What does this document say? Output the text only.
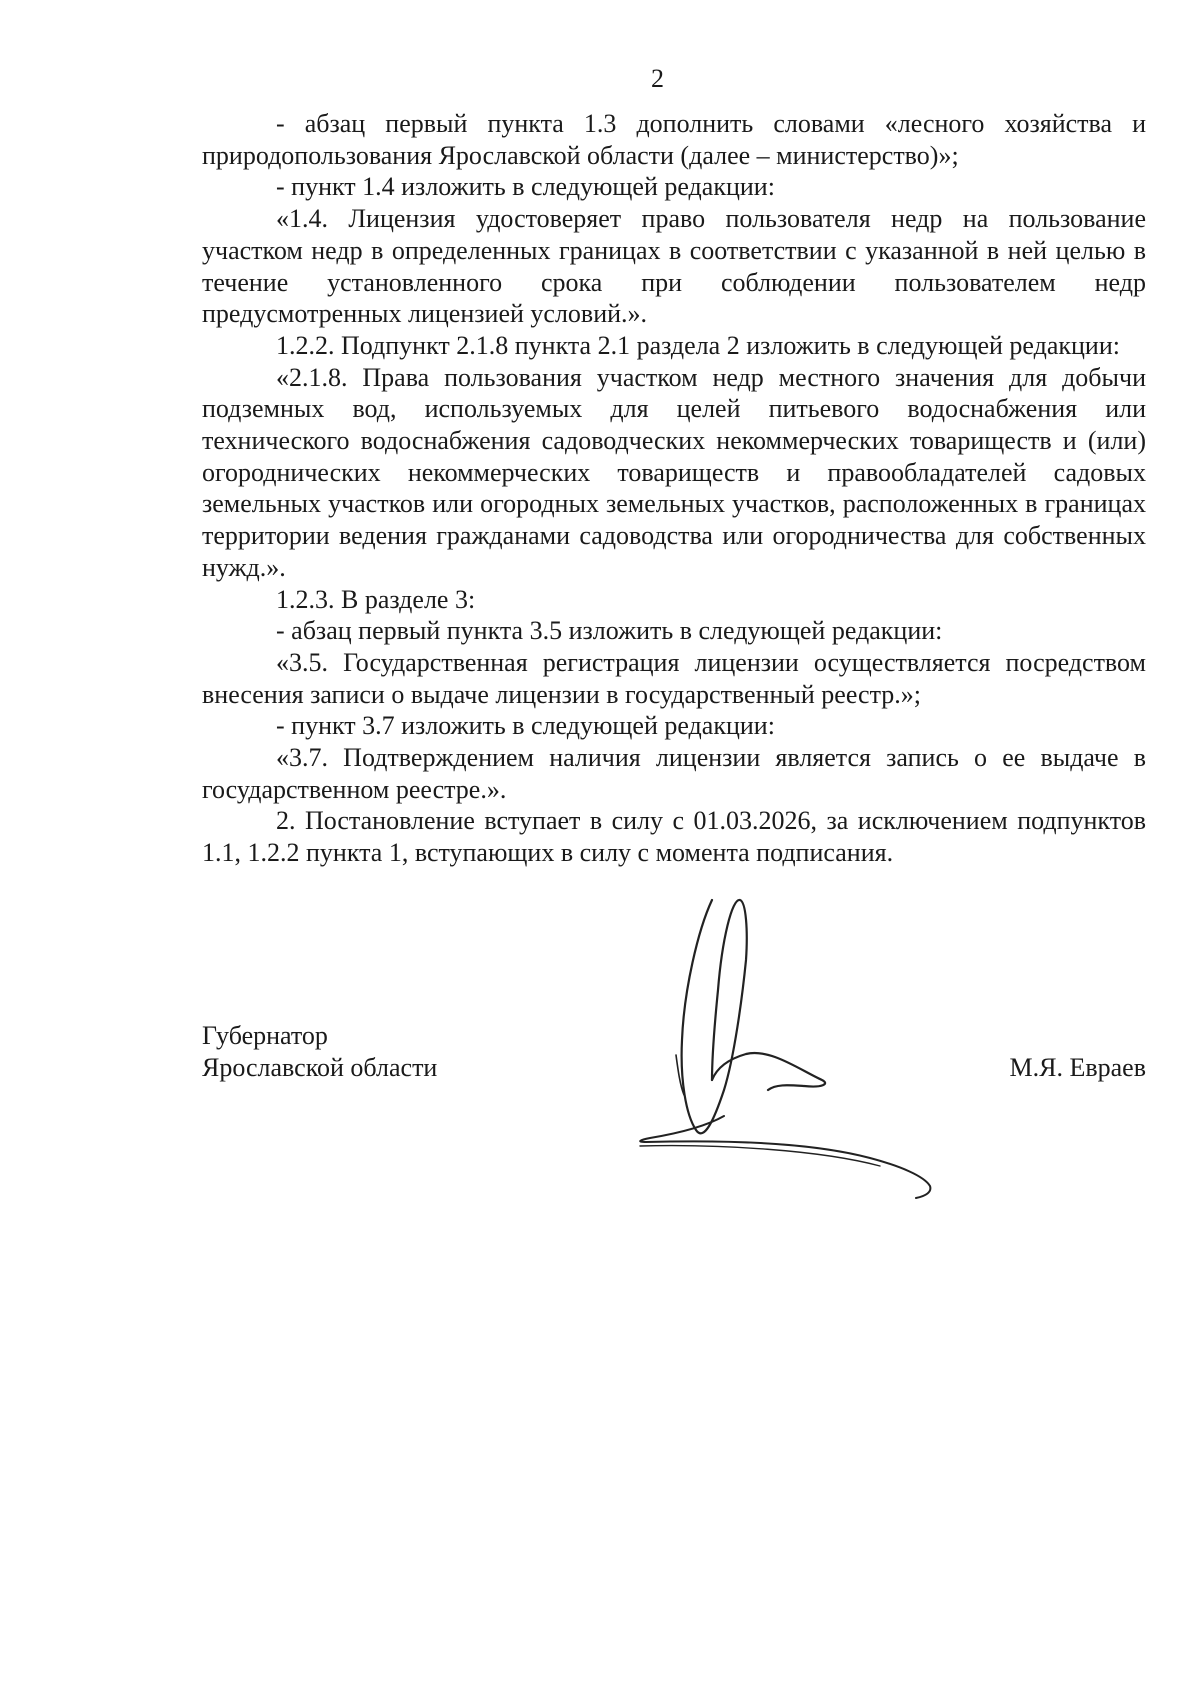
2

- абзац первый пункта 1.3 дополнить словами «лесного хозяйства и природопользования Ярославской области (далее – министерство)»;

- пункт 1.4 изложить в следующей редакции:

«1.4. Лицензия удостоверяет право пользователя недр на пользование участком недр в определенных границах в соответствии с указанной в ней целью в течение установленного срока при соблюдении пользователем недр предусмотренных лицензией условий.».

1.2.2. Подпункт 2.1.8 пункта 2.1 раздела 2 изложить в следующей редакции:

«2.1.8. Права пользования участком недр местного значения для добычи подземных вод, используемых для целей питьевого водоснабжения или технического водоснабжения садоводческих некоммерческих товариществ и (или) огороднических некоммерческих товариществ и правообладателей садовых земельных участков или огородных земельных участков, расположенных в границах территории ведения гражданами садоводства или огородничества для собственных нужд.».

1.2.3. В разделе 3:

- абзац первый пункта 3.5 изложить в следующей редакции:

«3.5. Государственная регистрация лицензии осуществляется посредством внесения записи о выдаче лицензии в государственный реестр.»;

- пункт 3.7 изложить в следующей редакции:

«3.7. Подтверждением наличия лицензии является запись о ее выдаче в государственном реестре.».

2. Постановление вступает в силу с 01.03.2026, за исключением подпунктов 1.1, 1.2.2 пункта 1, вступающих в силу с момента подписания.

Губернатор
Ярославской области	М.Я. Евраев
